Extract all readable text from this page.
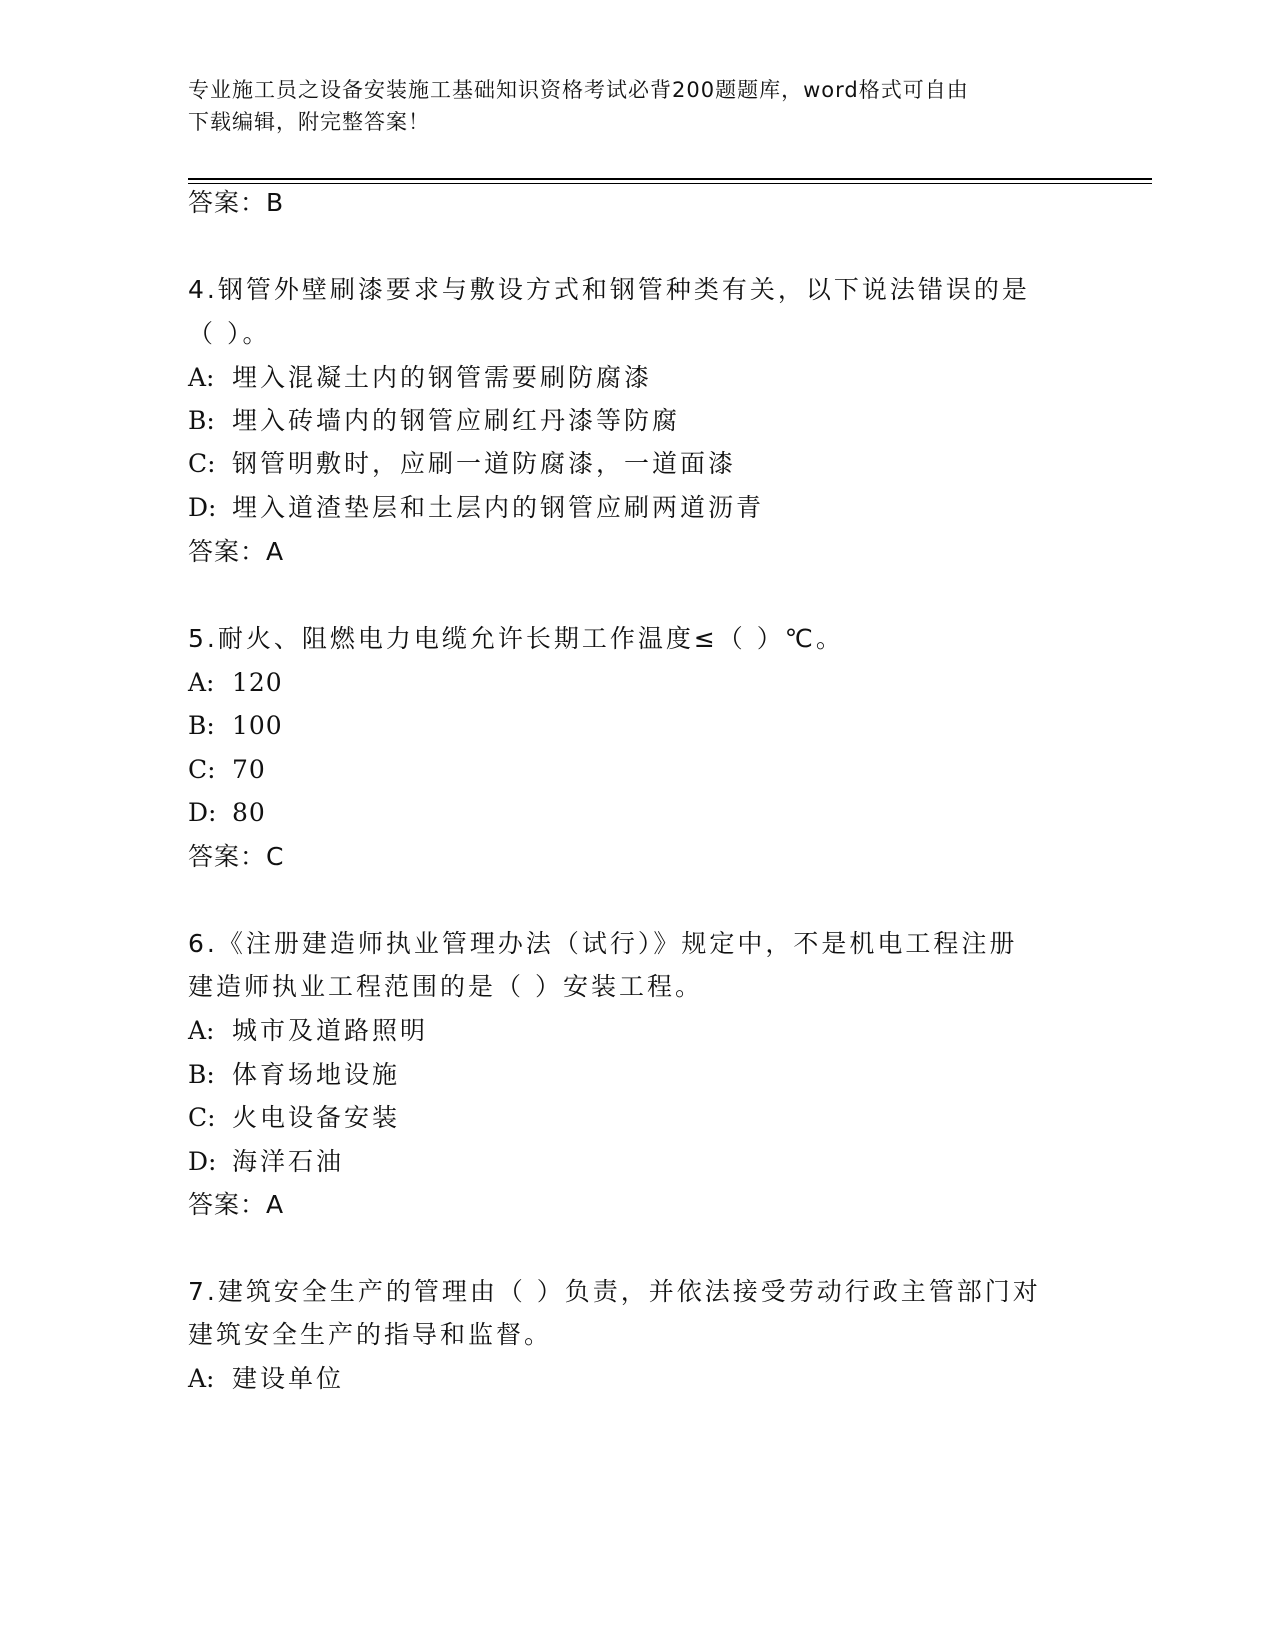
专业施工员之设备安装施工基础知识资格考试必背200题题库，word格式可自由
下载编辑，附完整答案！
答案：B
4.钢管外壁刷漆要求与敷设方式和钢管种类有关，以下说法错误的是
（ ）。
A: 埋入混凝土内的钢管需要刷防腐漆
B: 埋入砖墙内的钢管应刷红丹漆等防腐
C: 钢管明敷时，应刷一道防腐漆，一道面漆
D: 埋入道渣垫层和土层内的钢管应刷两道沥青
答案：A
5.耐火、阻燃电力电缆允许长期工作温度≤（ ）℃。
A: 120
B: 100
C: 70
D: 80
答案：C
6.《注册建造师执业管理办法（试行）》规定中，不是机电工程注册
建造师执业工程范围的是（ ）安装工程。
A: 城市及道路照明
B: 体育场地设施
C: 火电设备安装
D: 海洋石油
答案：A
7.建筑安全生产的管理由（ ）负责，并依法接受劳动行政主管部门对
建筑安全生产的指导和监督。
A: 建设单位
